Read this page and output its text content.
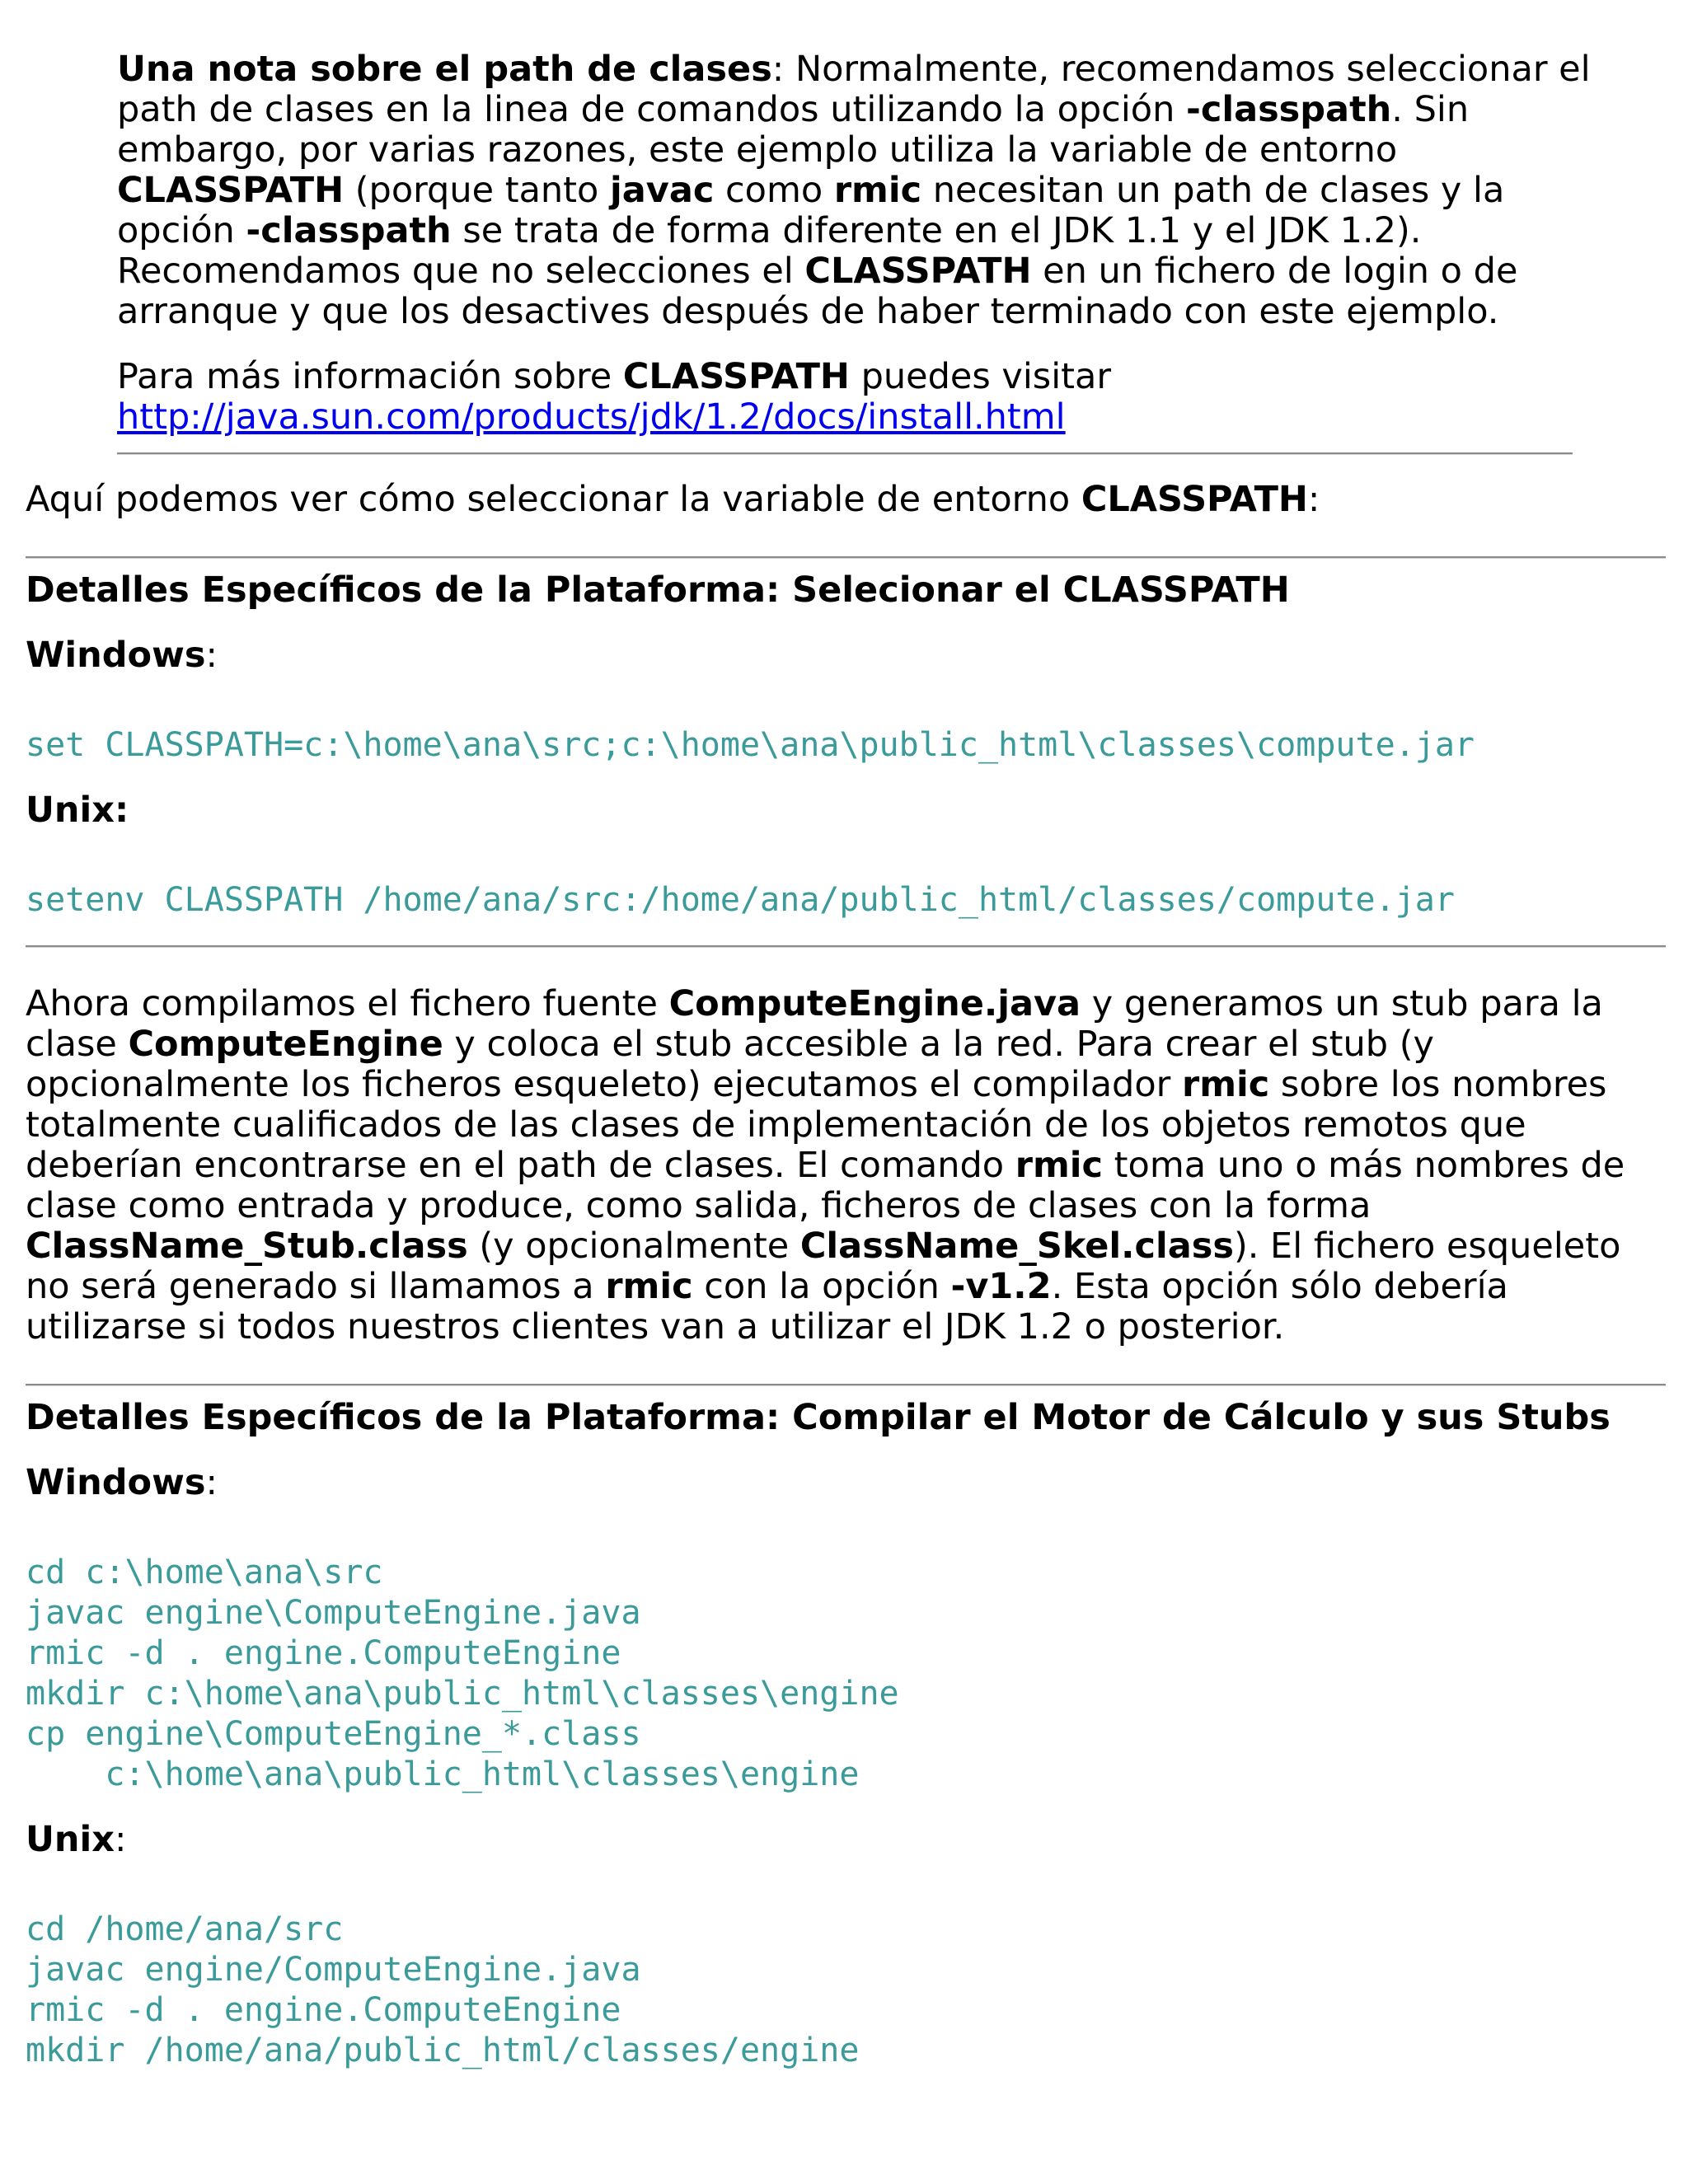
Una nota sobre el path de clases: Normalmente, recomendamos seleccionar el path de clases en la linea de comandos utilizando la opción -classpath. Sin embargo, por varias razones, este ejemplo utiliza la variable de entorno CLASSPATH (porque tanto javac como rmic necesitan un path de clases y la opción -classpath se trata de forma diferente en el JDK 1.1 y el JDK 1.2). Recomendamos que no selecciones el CLASSPATH en un fichero de login o de arranque y que los desactives después de haber terminado con este ejemplo.

Para más información sobre CLASSPATH puedes visitar http://java.sun.com/products/jdk/1.2/docs/install.html

Aquí podemos ver cómo seleccionar la variable de entorno CLASSPATH:

Detalles Específicos de la Plataforma: Selecionar el CLASSPATH

Windows:

set CLASSPATH=c:\home\ana\src;c:\home\ana\public_html\classes\compute.jar

Unix:

setenv CLASSPATH /home/ana/src:/home/ana/public_html/classes/compute.jar

Ahora compilamos el fichero fuente ComputeEngine.java y generamos un stub para la clase ComputeEngine y coloca el stub accesible a la red. Para crear el stub (y opcionalmente los ficheros esqueleto) ejecutamos el compilador rmic sobre los nombres totalmente cualificados de las clases de implementación de los objetos remotos que deberían encontrarse en el path de clases. El comando rmic toma uno o más nombres de clase como entrada y produce, como salida, ficheros de clases con la forma ClassName_Stub.class (y opcionalmente ClassName_Skel.class). El fichero esqueleto no será generado si llamamos a rmic con la opción -v1.2. Esta opción sólo debería utilizarse si todos nuestros clientes van a utilizar el JDK 1.2 o posterior.

Detalles Específicos de la Plataforma: Compilar el Motor de Cálculo y sus Stubs

Windows:

cd c:\home\ana\src
javac engine\ComputeEngine.java
rmic -d . engine.ComputeEngine
mkdir c:\home\ana\public_html\classes\engine
cp engine\ComputeEngine_*.class
c:\home\ana\public_html\classes\engine

Unix:

cd /home/ana/src
javac engine/ComputeEngine.java
rmic -d . engine.ComputeEngine
mkdir /home/ana/public_html/classes/engine
